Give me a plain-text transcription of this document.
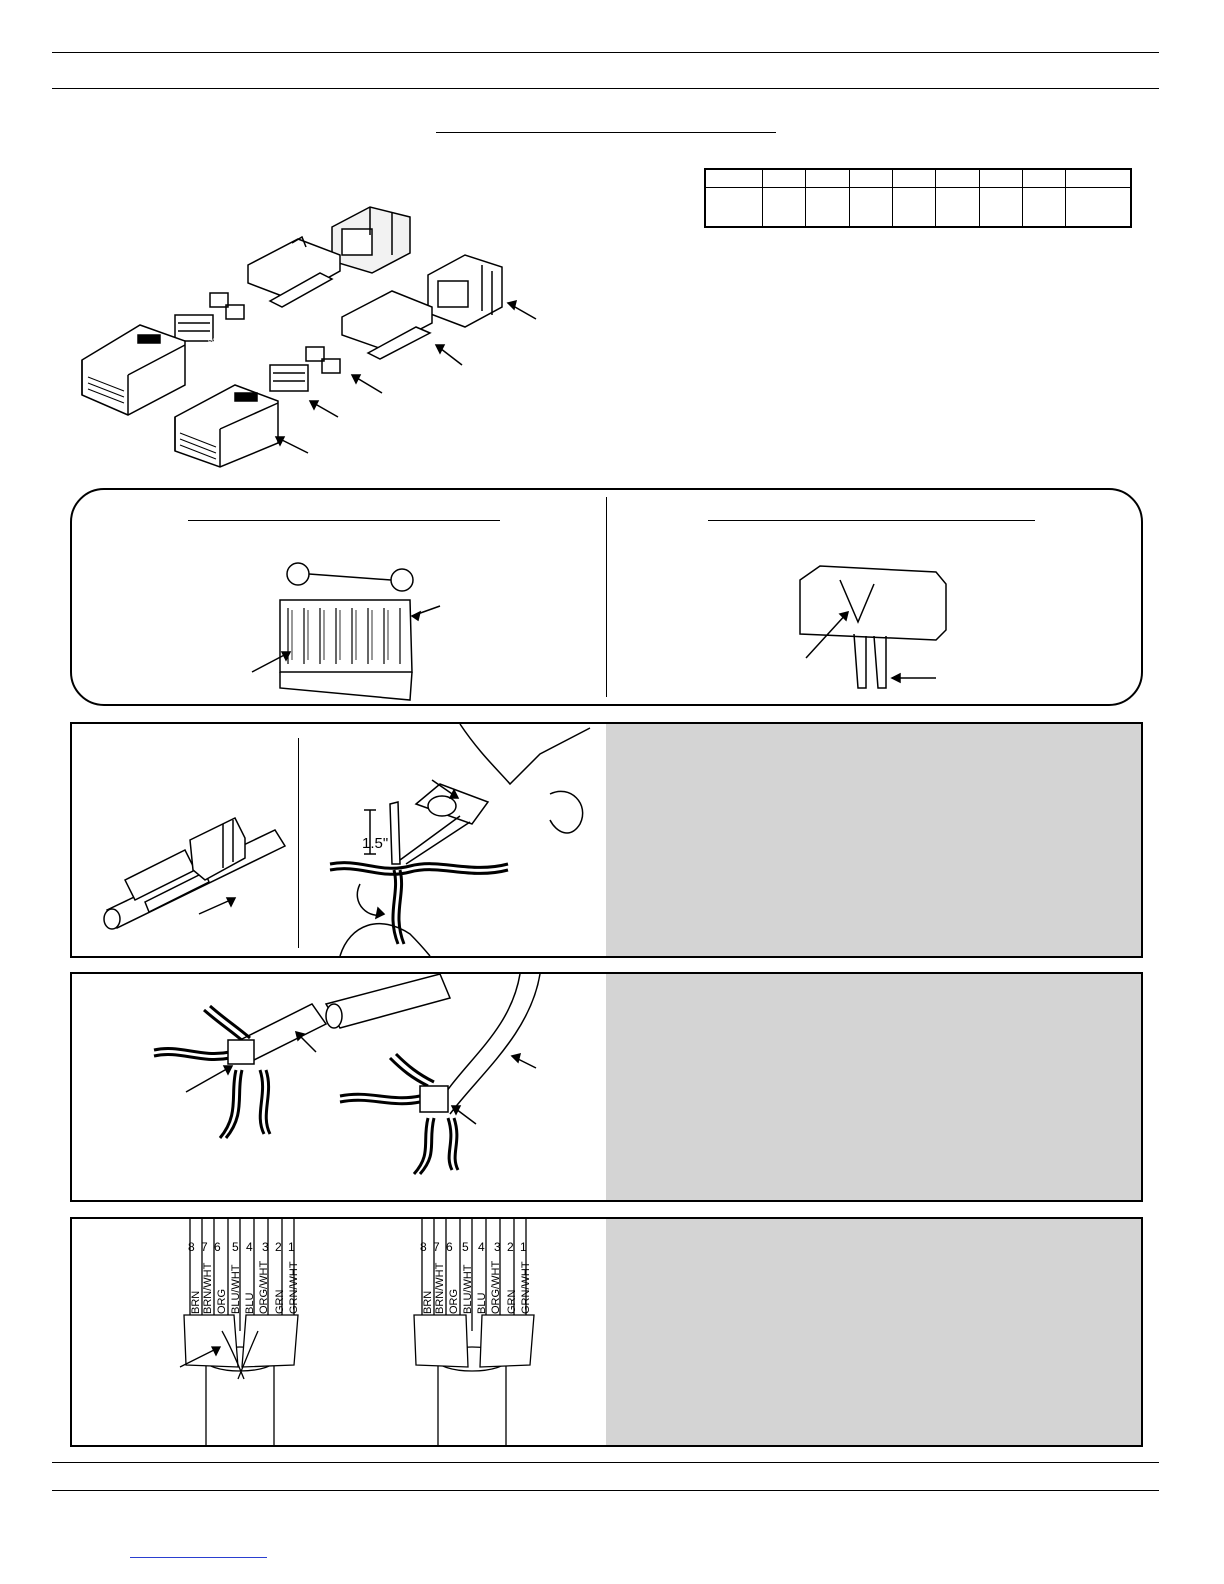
PANDUIT
1.5"
8 7 6 5 4 3 2 1
BRN BRN/WHT ORG BLU/WHT BLU ORG/WHT GRN GRN/WHT
8 7 6 5 4 3 2 1
BRN BRN/WHT ORG BLU/WHT BLU ORG/WHT GRN GRN/WHT
